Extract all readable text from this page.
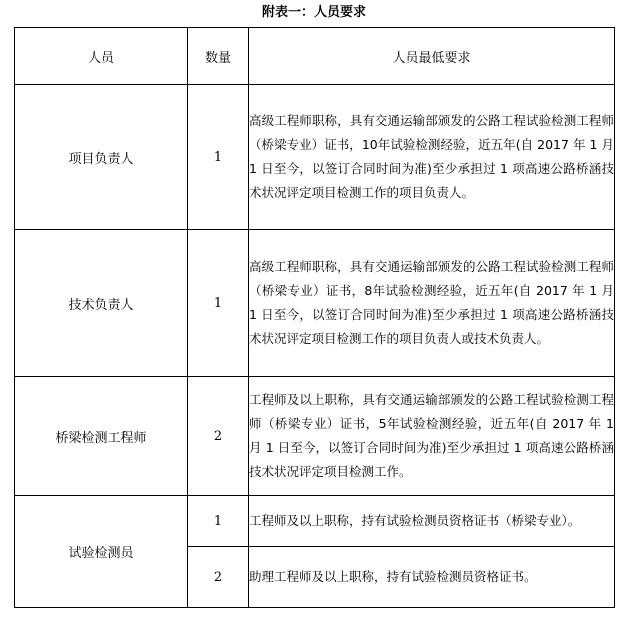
附表一：人员要求
人员	数量	人员最低要求
项目负责人	1	高级工程师职称，具有交通运输部颁发的公路工程试验检测工程师（桥梁专业）证书，10年试验检测经验，近五年(自 2017 年 1 月 1 日至今，以签订合同时间为准)至少承担过 1 项高速公路桥涵技术状况评定项目检测工作的项目负责人。
技术负责人	1	高级工程师职称，具有交通运输部颁发的公路工程试验检测工程师（桥梁专业）证书，8年试验检测经验，近五年(自 2017 年 1 月 1 日至今，以签订合同时间为准)至少承担过 1 项高速公路桥涵技术状况评定项目检测工作的项目负责人或技术负责人。
桥梁检测工程师	2	工程师及以上职称，具有交通运输部颁发的公路工程试验检测工程师（桥梁专业）证书，5年试验检测经验，近五年(自 2017 年 1 月 1 日至今，以签订合同时间为准)至少承担过 1 项高速公路桥涵技术状况评定项目检测工作。
试验检测员	1	工程师及以上职称，持有试验检测员资格证书（桥梁专业）。
	2	助理工程师及以上职称，持有试验检测员资格证书。
